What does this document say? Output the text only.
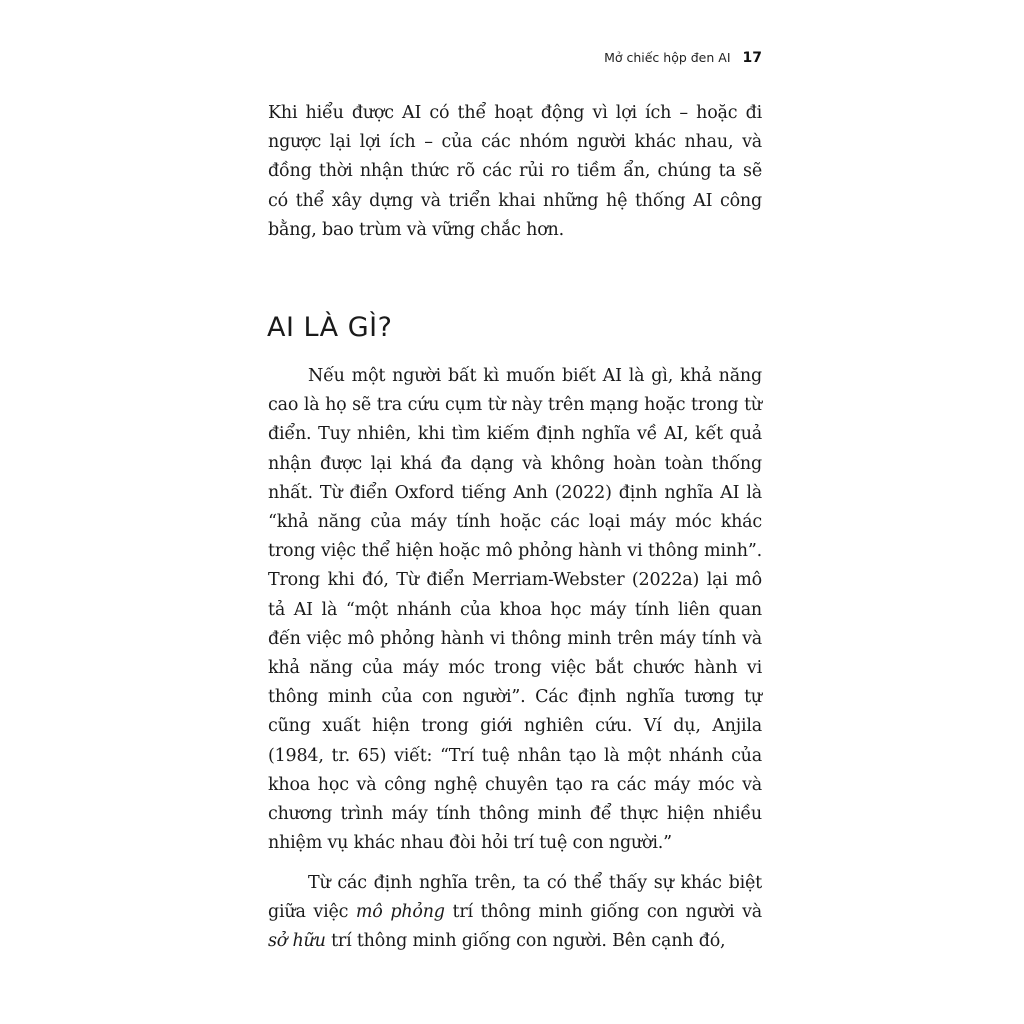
Mở chiếc hộp đen AI 17

Khi hiểu được AI có thể hoạt động vì lợi ích – hoặc đi ngược lại lợi ích – của các nhóm người khác nhau, và đồng thời nhận thức rõ các rủi ro tiềm ẩn, chúng ta sẽ có thể xây dựng và triển khai những hệ thống AI công bằng, bao trùm và vững chắc hơn.

AI LÀ GÌ?

Nếu một người bất kì muốn biết AI là gì, khả năng cao là họ sẽ tra cứu cụm từ này trên mạng hoặc trong từ điển. Tuy nhiên, khi tìm kiếm định nghĩa về AI, kết quả nhận được lại khá đa dạng và không hoàn toàn thống nhất. Từ điển Oxford tiếng Anh (2022) định nghĩa AI là “khả năng của máy tính hoặc các loại máy móc khác trong việc thể hiện hoặc mô phỏng hành vi thông minh”. Trong khi đó, Từ điển Merriam-Webster (2022a) lại mô tả AI là “một nhánh của khoa học máy tính liên quan đến việc mô phỏng hành vi thông minh trên máy tính và khả năng của máy móc trong việc bắt chước hành vi thông minh của con người”. Các định nghĩa tương tự cũng xuất hiện trong giới nghiên cứu. Ví dụ, Anjila (1984, tr. 65) viết: “Trí tuệ nhân tạo là một nhánh của khoa học và công nghệ chuyên tạo ra các máy móc và chương trình máy tính thông minh để thực hiện nhiều nhiệm vụ khác nhau đòi hỏi trí tuệ con người.”

Từ các định nghĩa trên, ta có thể thấy sự khác biệt giữa việc mô phỏng trí thông minh giống con người và sở hữu trí thông minh giống con người. Bên cạnh đó,
